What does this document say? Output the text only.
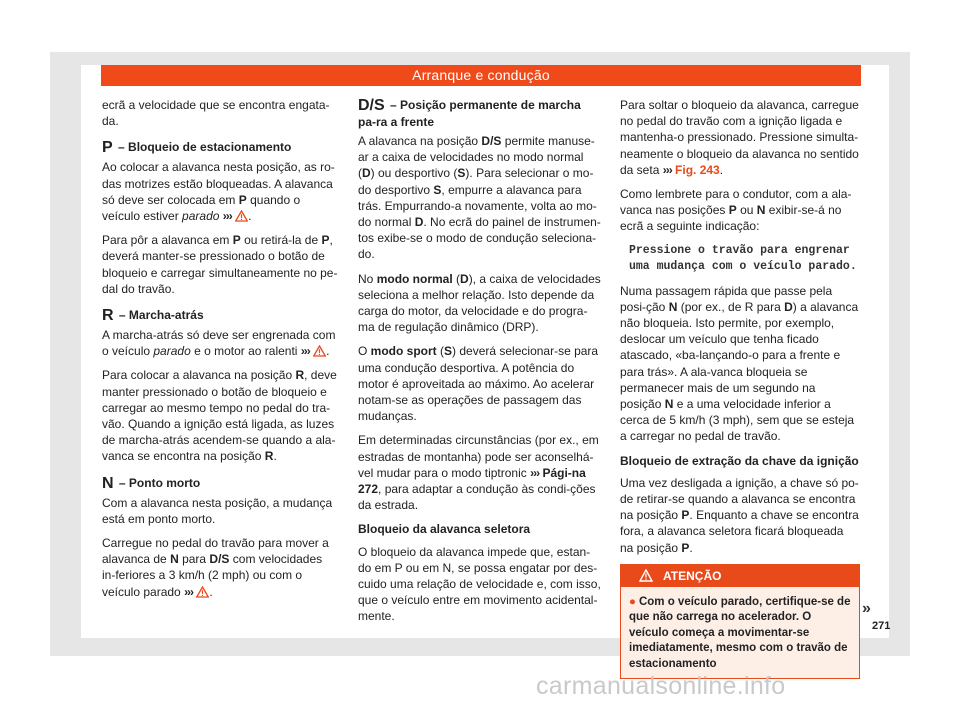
Arranque e condução

ecrã a velocidade que se encontra engata-da.

P – Bloqueio de estacionamento

Ao colocar a alavanca nesta posição, as ro-das motrizes estão bloqueadas. A alavanca só deve ser colocada em P quando o veículo estiver parado ››› .

Para pôr a alavanca em P ou retirá-la de P, deverá manter-se pressionado o botão de bloqueio e carregar simultaneamente no pe-dal do travão.

R – Marcha-atrás

A marcha-atrás só deve ser engrenada com o veículo parado e o motor ao ralenti ››› .

Para colocar a alavanca na posição R, deve manter pressionado o botão de bloqueio e carregar ao mesmo tempo no pedal do tra-vão. Quando a ignição está ligada, as luzes de marcha-atrás acendem-se quando a ala-vanca se encontra na posição R.

N – Ponto morto

Com a alavanca nesta posição, a mudança está em ponto morto.

Carregue no pedal do travão para mover a alavanca de N para D/S com velocidades in-feriores a 3 km/h (2 mph) ou com o veículo parado ››› .

D/S – Posição permanente de marcha pa-ra a frente

A alavanca na posição D/S permite manuse-ar a caixa de velocidades no modo normal (D) ou desportivo (S). Para selecionar o mo-do desportivo S, empurre a alavanca para trás. Empurrando-a novamente, volta ao mo-do normal D. No ecrã do painel de instrumen-tos exibe-se o modo de condução seleciona-do.

No modo normal (D), a caixa de velocidades seleciona a melhor relação. Isto depende da carga do motor, da velocidade e do progra-ma de regulação dinâmico (DRP).

O modo sport (S) deverá selecionar-se para uma condução desportiva. A potência do motor é aproveitada ao máximo. Ao acelerar notam-se as operações de passagem das mudanças.

Em determinadas circunstâncias (por ex., em estradas de montanha) pode ser aconselhá-vel mudar para o modo tiptronic ››› Pági-na 272, para adaptar a condução às condi-ções da estrada.

Bloqueio da alavanca seletora

O bloqueio da alavanca impede que, estan-do em P ou em N, se possa engatar por des-cuido uma relação de velocidade e, com isso, que o veículo entre em movimento acidental-mente.

Para soltar o bloqueio da alavanca, carregue no pedal do travão com a ignição ligada e mantenha-o pressionado. Pressione simulta-neamente o bloqueio da alavanca no sentido da seta ››› Fig. 243.

Como lembrete para o condutor, com a ala-vanca nas posições P ou N exibir-se-á no ecrã a seguinte indicação:

Pressione o travão para engrenar
uma mudança com o veículo parado.

Numa passagem rápida que passe pela posi-ção N (por ex., de R para D) a alavanca não bloqueia. Isto permite, por exemplo, deslocar um veículo que tenha ficado atascado, «ba-lançando-o para a frente e para trás». A ala-vanca bloqueia se permanecer mais de um segundo na posição N e a uma velocidade inferior a cerca de 5 km/h (3 mph), sem que se esteja a carregar no pedal de travão.

Bloqueio de extração da chave da ignição

Uma vez desligada a ignição, a chave só po-de retirar-se quando a alavanca se encontra na posição P. Enquanto a chave se encontra fora, a alavanca seletora ficará bloqueada na posição P.

ATENÇÃO
● Com o veículo parado, certifique-se de que não carrega no acelerador. O veículo começa a movimentar-se imediatamente, mesmo com o travão de estacionamento
»
271
carmanualsonline.info
